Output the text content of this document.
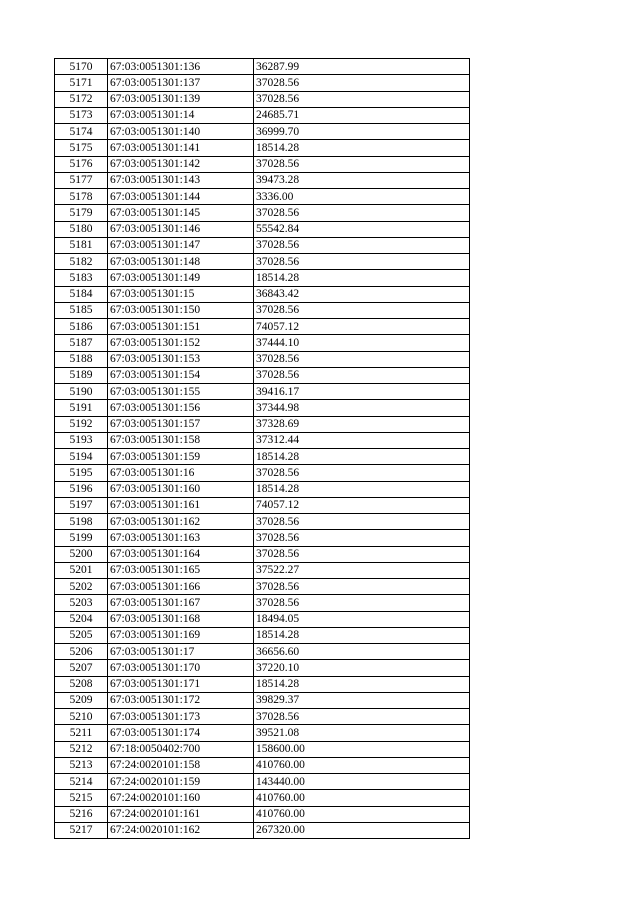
5170	67:03:0051301:136	36287.99
5171	67:03:0051301:137	37028.56
5172	67:03:0051301:139	37028.56
5173	67:03:0051301:14	24685.71
5174	67:03:0051301:140	36999.70
5175	67:03:0051301:141	18514.28
5176	67:03:0051301:142	37028.56
5177	67:03:0051301:143	39473.28
5178	67:03:0051301:144	3336.00
5179	67:03:0051301:145	37028.56
5180	67:03:0051301:146	55542.84
5181	67:03:0051301:147	37028.56
5182	67:03:0051301:148	37028.56
5183	67:03:0051301:149	18514.28
5184	67:03:0051301:15	36843.42
5185	67:03:0051301:150	37028.56
5186	67:03:0051301:151	74057.12
5187	67:03:0051301:152	37444.10
5188	67:03:0051301:153	37028.56
5189	67:03:0051301:154	37028.56
5190	67:03:0051301:155	39416.17
5191	67:03:0051301:156	37344.98
5192	67:03:0051301:157	37328.69
5193	67:03:0051301:158	37312.44
5194	67:03:0051301:159	18514.28
5195	67:03:0051301:16	37028.56
5196	67:03:0051301:160	18514.28
5197	67:03:0051301:161	74057.12
5198	67:03:0051301:162	37028.56
5199	67:03:0051301:163	37028.56
5200	67:03:0051301:164	37028.56
5201	67:03:0051301:165	37522.27
5202	67:03:0051301:166	37028.56
5203	67:03:0051301:167	37028.56
5204	67:03:0051301:168	18494.05
5205	67:03:0051301:169	18514.28
5206	67:03:0051301:17	36656.60
5207	67:03:0051301:170	37220.10
5208	67:03:0051301:171	18514.28
5209	67:03:0051301:172	39829.37
5210	67:03:0051301:173	37028.56
5211	67:03:0051301:174	39521.08
5212	67:18:0050402:700	158600.00
5213	67:24:0020101:158	410760.00
5214	67:24:0020101:159	143440.00
5215	67:24:0020101:160	410760.00
5216	67:24:0020101:161	410760.00
5217	67:24:0020101:162	267320.00
